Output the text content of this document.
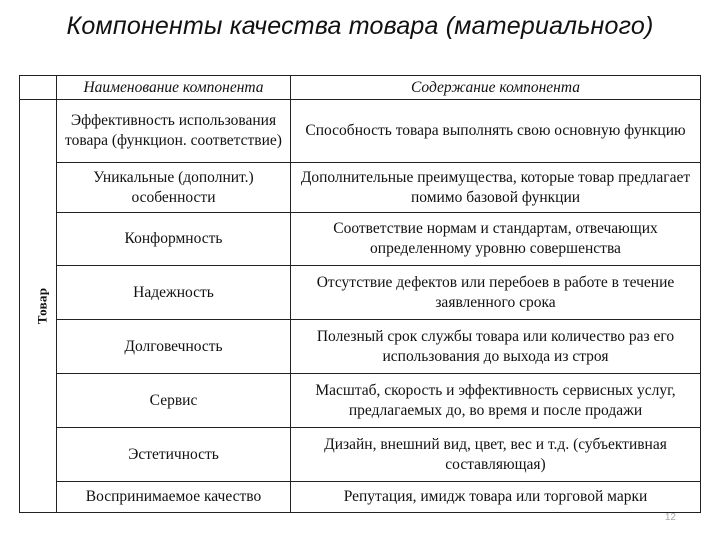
Компоненты качества товара (материального)
	Наименование компонента	Содержание компонента
Товар	Эффективность использования товара (функцион. соответствие)	Способность товара выполнять свою основную функцию
	Уникальные (дополнит.) особенности	Дополнительные преимущества, которые товар предлагает помимо базовой функции
	Конформность	Соответствие нормам и стандартам, отвечающих определенному уровню совершенства
	Надежность	Отсутствие дефектов или перебоев в работе в течение заявленного срока
	Долговечность	Полезный срок службы товара или количество раз его использования до выхода из строя
	Сервис	Масштаб, скорость и эффективность сервисных услуг, предлагаемых до, во время и после продажи
	Эстетичность	Дизайн, внешний вид, цвет, вес и т.д. (субъективная составляющая)
	Воспринимаемое качество	Репутация, имидж товара или торговой марки
12
